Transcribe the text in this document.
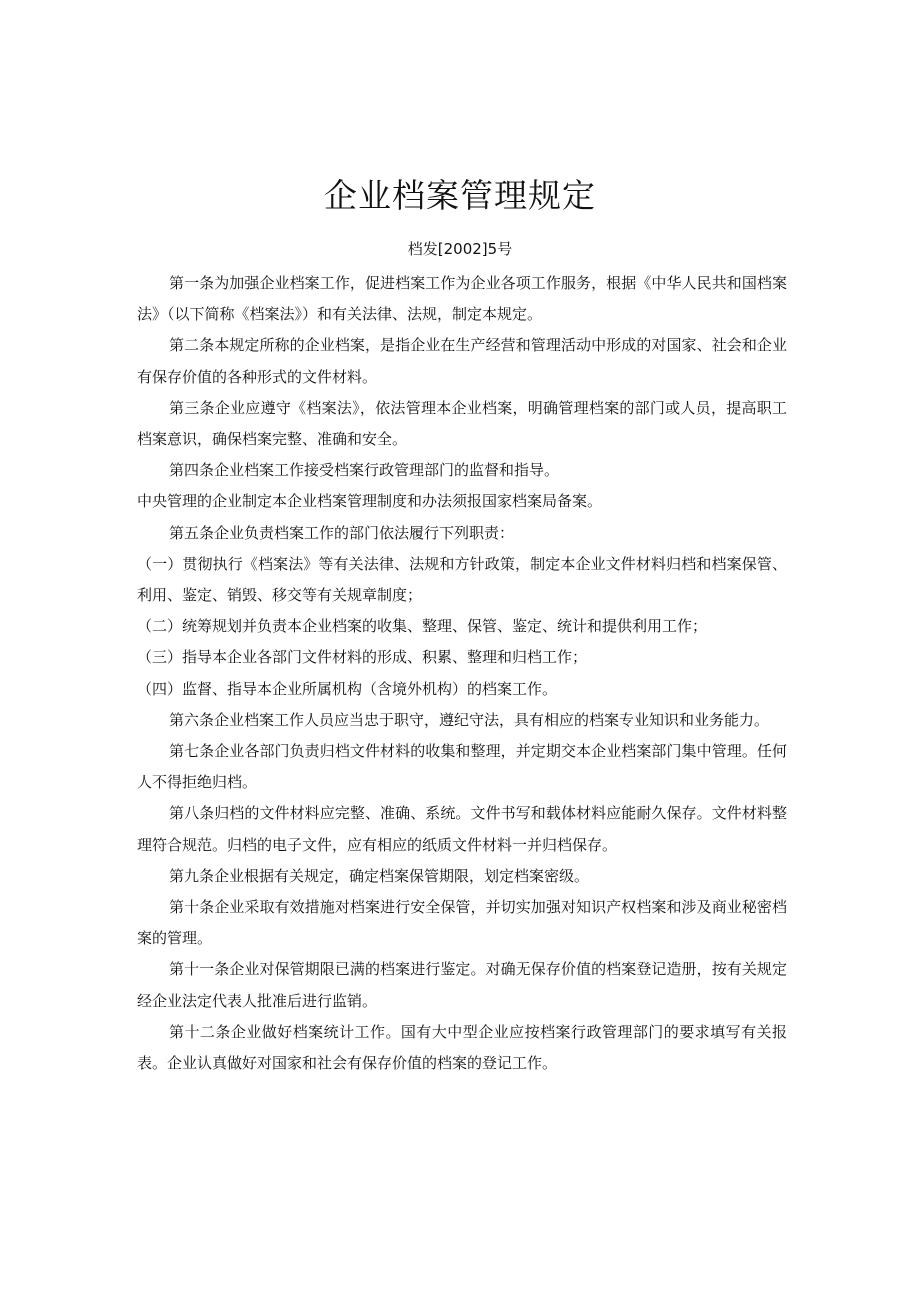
企业档案管理规定
档发[2002]5号

第一条为加强企业档案工作，促进档案工作为企业各项工作服务，根据《中华人民共和国档案法》（以下简称《档案法》）和有关法律、法规，制定本规定。

第二条本规定所称的企业档案，是指企业在生产经营和管理活动中形成的对国家、社会和企业有保存价值的各种形式的文件材料。

第三条企业应遵守《档案法》，依法管理本企业档案，明确管理档案的部门或人员，提高职工档案意识，确保档案完整、准确和安全。

第四条企业档案工作接受档案行政管理部门的监督和指导。

中央管理的企业制定本企业档案管理制度和办法须报国家档案局备案。

第五条企业负责档案工作的部门依法履行下列职责：

（一）贯彻执行《档案法》等有关法律、法规和方针政策，制定本企业文件材料归档和档案保管、利用、鉴定、销毁、移交等有关规章制度；

（二）统筹规划并负责本企业档案的收集、整理、保管、鉴定、统计和提供利用工作；

（三）指导本企业各部门文件材料的形成、积累、整理和归档工作；

（四）监督、指导本企业所属机构（含境外机构）的档案工作。

第六条企业档案工作人员应当忠于职守，遵纪守法，具有相应的档案专业知识和业务能力。

第七条企业各部门负责归档文件材料的收集和整理，并定期交本企业档案部门集中管理。任何人不得拒绝归档。

第八条归档的文件材料应完整、准确、系统。文件书写和载体材料应能耐久保存。文件材料整理符合规范。归档的电子文件，应有相应的纸质文件材料一并归档保存。

第九条企业根据有关规定，确定档案保管期限，划定档案密级。

第十条企业采取有效措施对档案进行安全保管，并切实加强对知识产权档案和涉及商业秘密档案的管理。

第十一条企业对保管期限已满的档案进行鉴定。对确无保存价值的档案登记造册，按有关规定经企业法定代表人批准后进行监销。

第十二条企业做好档案统计工作。国有大中型企业应按档案行政管理部门的要求填写有关报表。企业认真做好对国家和社会有保存价值的档案的登记工作。
